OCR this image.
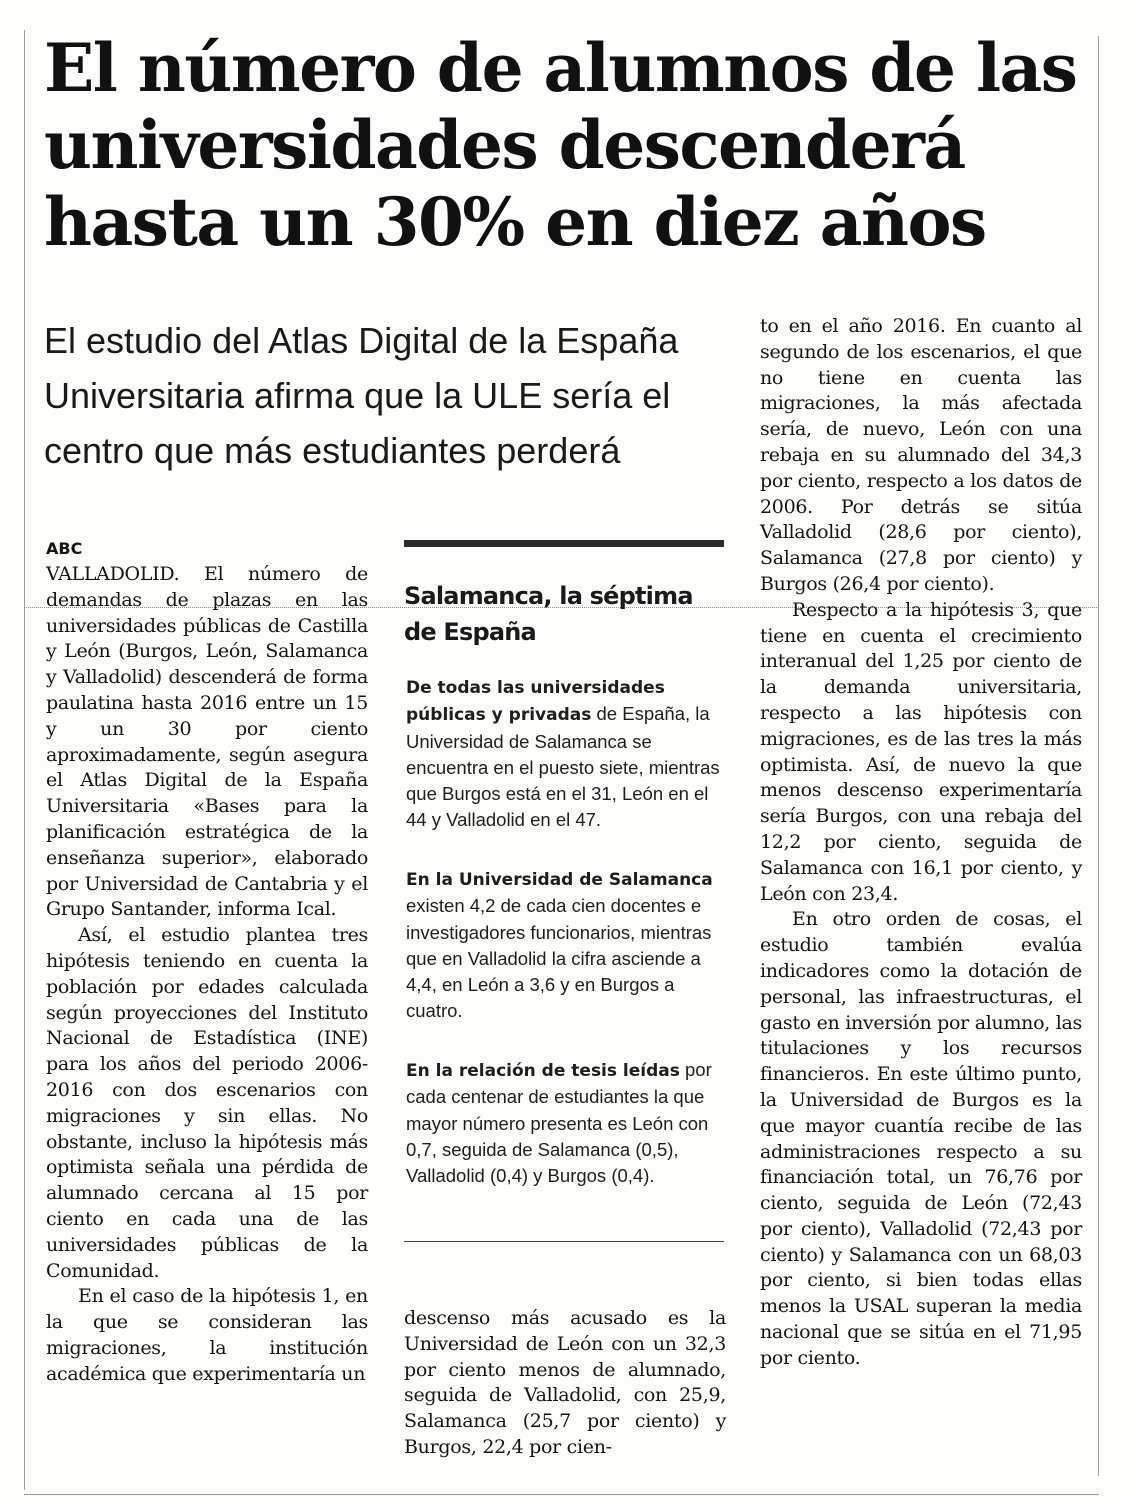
El número de alumnos de las universidades descenderá hasta un 30% en diez años
El estudio del Atlas Digital de la España Universitaria afirma que la ULE sería el centro que más estudiantes perderá
ABC

VALLADOLID. El número de demandas de plazas en las universidades públicas de Castilla y León (Burgos, León, Salamanca y Valladolid) descenderá de forma paulatina hasta 2016 entre un 15 y un 30 por ciento aproximadamente, según asegura el Atlas Digital de la España Universitaria «Bases para la planificación estratégica de la enseñanza superior», elaborado por Universidad de Cantabria y el Grupo Santander, informa Ical.

Así, el estudio plantea tres hipótesis teniendo en cuenta la población por edades calculada según proyecciones del Instituto Nacional de Estadística (INE) para los años del periodo 2006-2016 con dos escenarios con migraciones y sin ellas. No obstante, incluso la hipótesis más optimista señala una pérdida de alumnado cercana al 15 por ciento en cada una de las universidades públicas de la Comunidad.

En el caso de la hipótesis 1, en la que se consideran las migraciones, la institución académica que experimentaría un

Salamanca, la séptima de España

De todas las universidades públicas y privadas de España, la Universidad de Salamanca se encuentra en el puesto siete, mientras que Burgos está en el 31, León en el 44 y Valladolid en el 47.

En la Universidad de Salamanca existen 4,2 de cada cien docentes e investigadores funcionarios, mientras que en Valladolid la cifra asciende a 4,4, en León a 3,6 y en Burgos a cuatro.

En la relación de tesis leídas por cada centenar de estudiantes la que mayor número presenta es León con 0,7, seguida de Salamanca (0,5), Valladolid (0,4) y Burgos (0,4).

descenso más acusado es la Universidad de León con un 32,3 por ciento menos de alumnado, seguida de Valladolid, con 25,9, Salamanca (25,7 por ciento) y Burgos, 22,4 por cien-

to en el año 2016. En cuanto al segundo de los escenarios, el que no tiene en cuenta las migraciones, la más afectada sería, de nuevo, León con una rebaja en su alumnado del 34,3 por ciento, respecto a los datos de 2006. Por detrás se sitúa Valladolid (28,6 por ciento), Salamanca (27,8 por ciento) y Burgos (26,4 por ciento).

Respecto a la hipótesis 3, que tiene en cuenta el crecimiento interanual del 1,25 por ciento de la demanda universitaria, respecto a las hipótesis con migraciones, es de las tres la más optimista. Así, de nuevo la que menos descenso experimentaría sería Burgos, con una rebaja del 12,2 por ciento, seguida de Salamanca con 16,1 por ciento, y León con 23,4.

En otro orden de cosas, el estudio también evalúa indicadores como la dotación de personal, las infraestructuras, el gasto en inversión por alumno, las titulaciones y los recursos financieros. En este último punto, la Universidad de Burgos es la que mayor cuantía recibe de las administraciones respecto a su financiación total, un 76,76 por ciento, seguida de León (72,43 por ciento), Valladolid (72,43 por ciento) y Salamanca con un 68,03 por ciento, si bien todas ellas menos la USAL superan la media nacional que se sitúa en el 71,95 por ciento.
